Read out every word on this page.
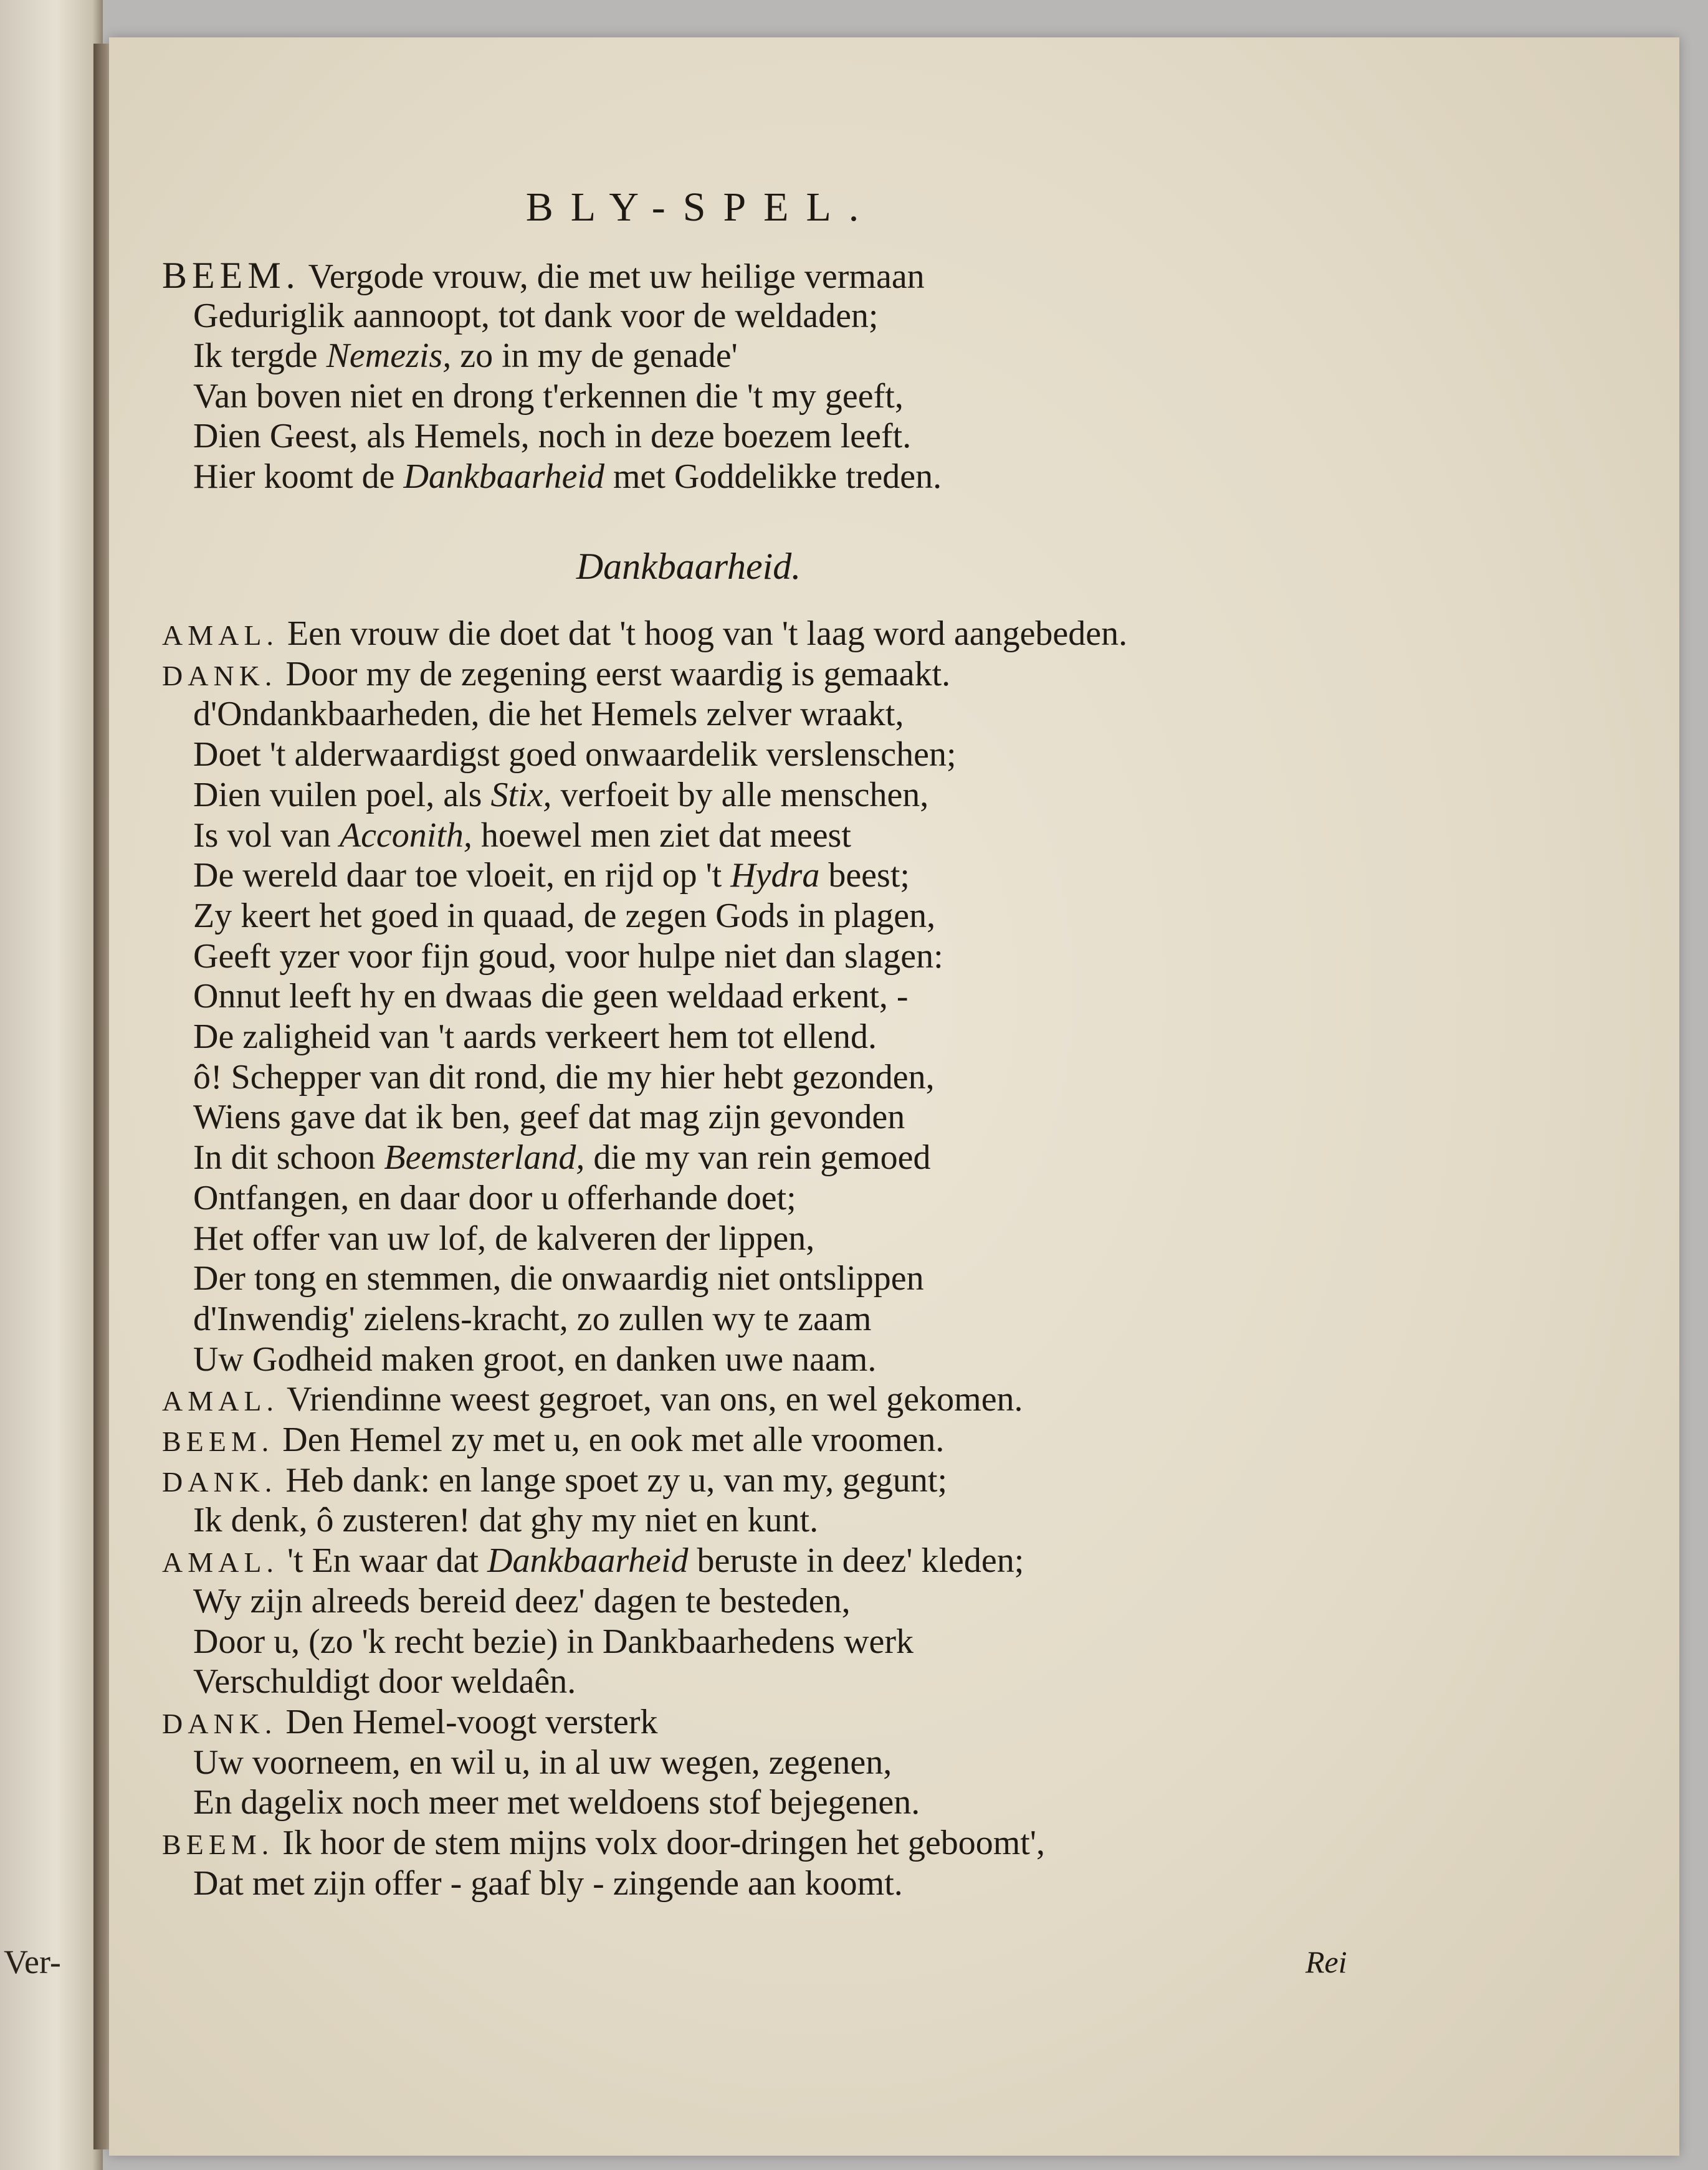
Ver-
BLY-SPEL.
BEEM. Vergode vrouw, die met uw heilige vermaan
Geduriglik aannoopt, tot dank voor de weldaden;
Ik tergde Nemezis, zo in my de genade'
Van boven niet en drong t'erkennen die 't my geeft,
Dien Geest, als Hemels, noch in deze boezem leeft.
Hier koomt de Dankbaarheid met Goddelikke treden.
AMAL. Een vrouw die doet dat 't hoog van 't laag word aangebeden.
DANK. Door my de zegening eerst waardig is gemaakt.
d'Ondankbaarheden, die het Hemels zelver wraakt,
Doet 't alderwaardigst goed onwaardelik verslenschen;
Dien vuilen poel, als Stix, verfoeit by alle menschen,
Is vol van Acconith, hoewel men ziet dat meest
De wereld daar toe vloeit, en rijd op 't Hydra beest;
Zy keert het goed in quaad, de zegen Gods in plagen,
Geeft yzer voor fijn goud, voor hulpe niet dan slagen:
Onnut leeft hy en dwaas die geen weldaad erkent, -
De zaligheid van 't aards verkeert hem tot ellend.
ô! Schepper van dit rond, die my hier hebt gezonden,
Wiens gave dat ik ben, geef dat mag zijn gevonden
In dit schoon Beemsterland, die my van rein gemoed
Ontfangen, en daar door u offerhande doet;
Het offer van uw lof, de kalveren der lippen,
Der tong en stemmen, die onwaardig niet ontslippen
d'Inwendig' zielens-kracht, zo zullen wy te zaam
Uw Godheid maken groot, en danken uwe naam.
AMAL. Vriendinne weest gegroet, van ons, en wel gekomen.
BEEM. Den Hemel zy met u, en ook met alle vroomen.
DANK. Heb dank: en lange spoet zy u, van my, gegunt;
Ik denk, ô zusteren! dat ghy my niet en kunt.
AMAL. 't En waar dat Dankbaarheid beruste in deez' kleden;
Wy zijn alreeds bereid deez' dagen te besteden,
Door u, (zo 'k recht bezie) in Dankbaarhedens werk
Verschuldigt door weldaên.
DANK. Den Hemel-voogt versterk
Uw voorneem, en wil u, in al uw wegen, zegenen,
En dagelix noch meer met weldoens stof bejegenen.
BEEM. Ik hoor de stem mijns volx door-dringen het geboomt',
Dat met zijn offer - gaaf bly - zingende aan koomt.
Dankbaarheid.
Rei
